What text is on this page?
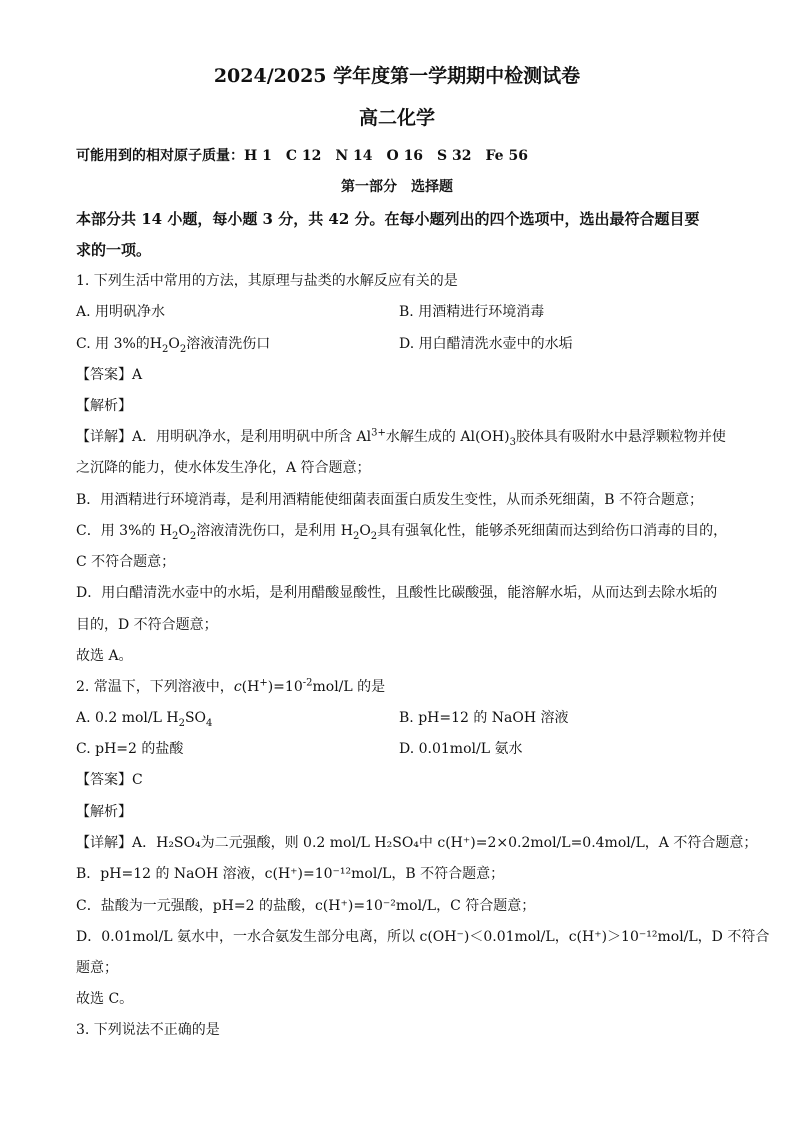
2024/2025 学年度第一学期期中检测试卷
高二化学
可能用到的相对原子质量：H 1　C 12　N 14　O 16　S 32　Fe 56
第一部分　选择题
本部分共 14 小题，每小题 3 分，共 42 分。在每小题列出的四个选项中，选出最符合题目要
求的一项。
1. 下列生活中常用的方法，其原理与盐类的水解反应有关的是
A. 用明矾净水	B. 用酒精进行环境消毒
C. 用 3%的$H_2O_2$溶液清洗伤口	D. 用白醋清洗水壶中的水垢
【答案】A
【解析】
【详解】A．用明矾净水，是利用明矾中所含 $Al^{3+}$水解生成的 $Al(OH)_3$胶体具有吸附水中悬浮颗粒物并使
之沉降的能力，使水体发生净化，A 符合题意；
B．用酒精进行环境消毒，是利用酒精能使细菌表面蛋白质发生变性，从而杀死细菌，B 不符合题意；
C．用 3%的 $H_2O_2$溶液清洗伤口，是利用 $H_2O_2$具有强氧化性，能够杀死细菌而达到给伤口消毒的目的，
C 不符合题意；
D．用白醋清洗水壶中的水垢，是利用醋酸显酸性，且酸性比碳酸强，能溶解水垢，从而达到去除水垢的
目的，D 不符合题意；
故选 A。
2. 常温下，下列溶液中，$c(H^+)=10^{-2}mol/L$ 的是
A. 0.2 mol/L $H_2SO_4$	B. pH=12 的 NaOH 溶液
C. pH=2 的盐酸	D. 0.01mol/L 氨水
【答案】C
【解析】
【详解】A．H₂SO₄为二元强酸，则 0.2 mol/L H₂SO₄中 c(H⁺)=2×0.2mol/L=0.4mol/L，A 不符合题意；
B．pH=12 的 NaOH 溶液，c(H⁺)=10⁻¹²mol/L，B 不符合题意；
C．盐酸为一元强酸，pH=2 的盐酸，c(H⁺)=10⁻²mol/L，C 符合题意；
D．0.01mol/L 氨水中，一水合氨发生部分电离，所以 c(OH⁻)＜0.01mol/L，c(H⁺)＞10⁻¹²mol/L，D 不符合
题意；
故选 C。
3. 下列说法不正确的是
